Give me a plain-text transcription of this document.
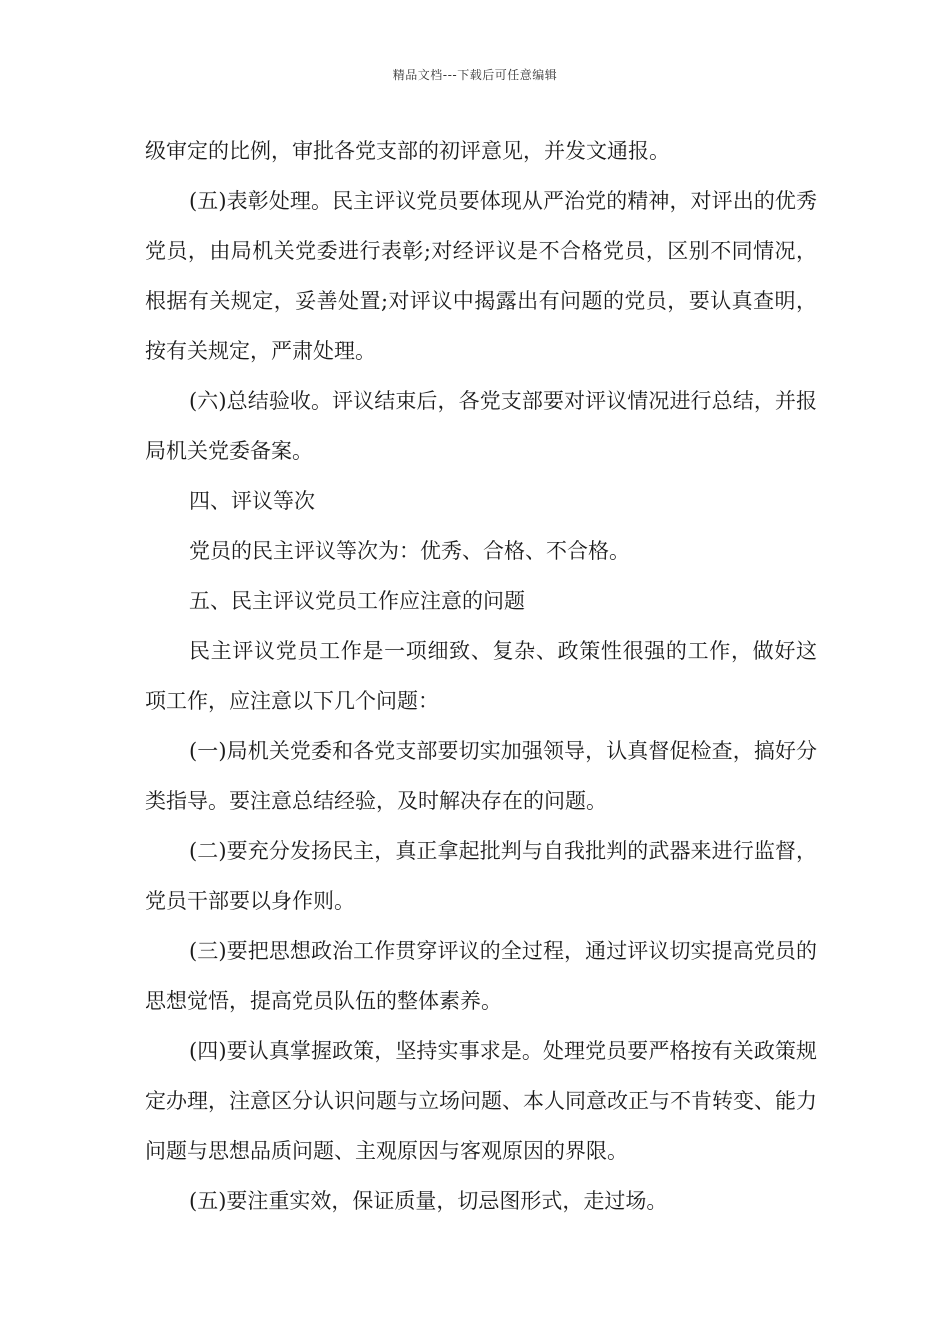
精品文档---下载后可任意编辑

级审定的比例，审批各党支部的初评意见，并发文通报。

(五)表彰处理。民主评议党员要体现从严治党的精神，对评出的优秀党员，由局机关党委进行表彰;对经评议是不合格党员，区别不同情况，根据有关规定，妥善处置;对评议中揭露出有问题的党员，要认真查明，按有关规定，严肃处理。

(六)总结验收。评议结束后，各党支部要对评议情况进行总结，并报局机关党委备案。

四、评议等次

党员的民主评议等次为：优秀、合格、不合格。

五、民主评议党员工作应注意的问题

民主评议党员工作是一项细致、复杂、政策性很强的工作，做好这项工作，应注意以下几个问题：

(一)局机关党委和各党支部要切实加强领导，认真督促检查，搞好分类指导。要注意总结经验，及时解决存在的问题。

(二)要充分发扬民主，真正拿起批判与自我批判的武器来进行监督，党员干部要以身作则。

(三)要把思想政治工作贯穿评议的全过程，通过评议切实提高党员的思想觉悟，提高党员队伍的整体素养。

(四)要认真掌握政策，坚持实事求是。处理党员要严格按有关政策规定办理，注意区分认识问题与立场问题、本人同意改正与不肯转变、能力问题与思想品质问题、主观原因与客观原因的界限。

(五)要注重实效，保证质量，切忌图形式，走过场。
